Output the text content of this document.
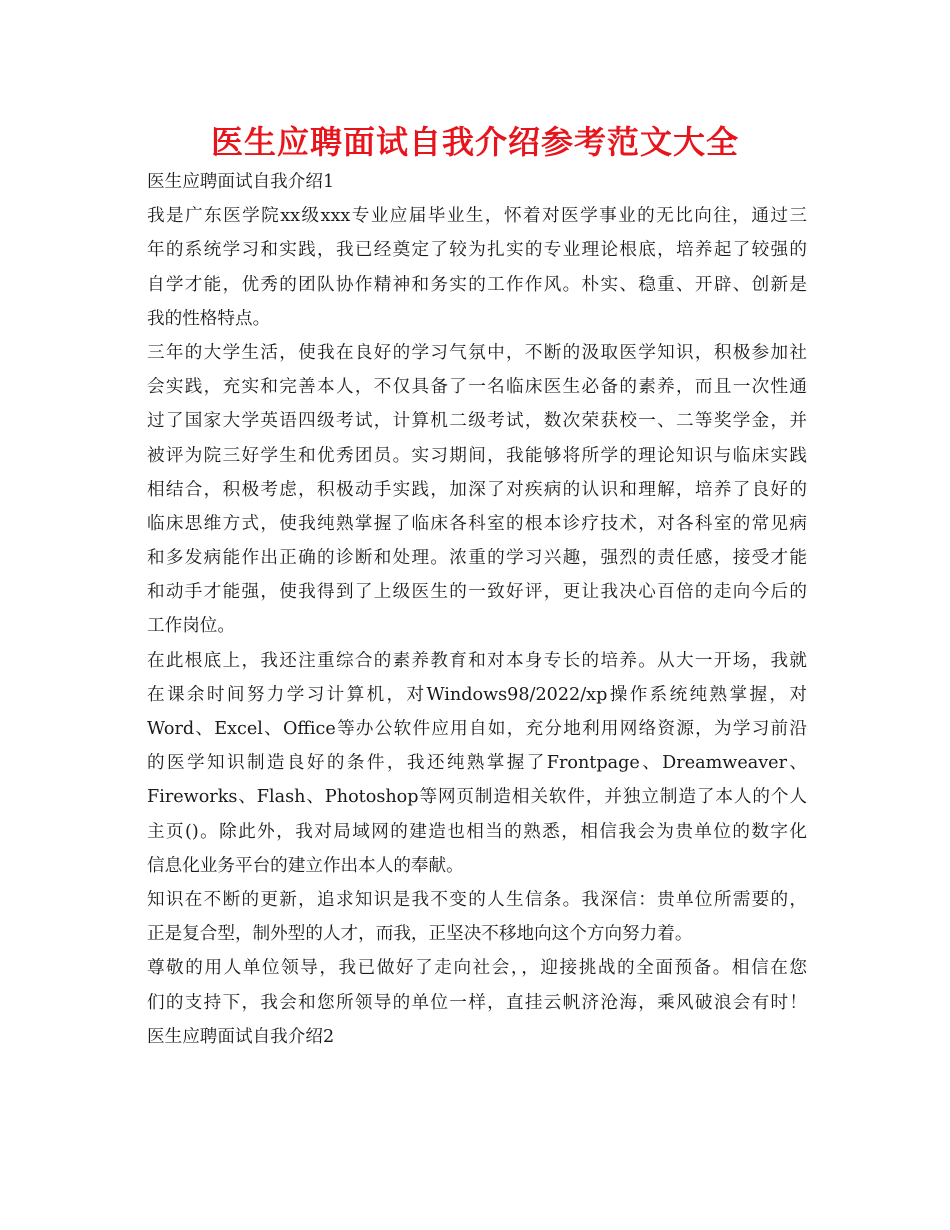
医生应聘面试自我介绍参考范文大全
医生应聘面试自我介绍1
我是广东医学院xx级xxx专业应届毕业生，怀着对医学事业的无比向往，通过三
年的系统学习和实践，我已经奠定了较为扎实的专业理论根底，培养起了较强的
自学才能，优秀的团队协作精神和务实的工作作风。朴实、稳重、开辟、创新是
我的性格特点。
三年的大学生活，使我在良好的学习气氛中，不断的汲取医学知识，积极参加社
会实践，充实和完善本人，不仅具备了一名临床医生必备的素养，而且一次性通
过了国家大学英语四级考试，计算机二级考试，数次荣获校一、二等奖学金，并
被评为院三好学生和优秀团员。实习期间，我能够将所学的理论知识与临床实践
相结合，积极考虑，积极动手实践，加深了对疾病的认识和理解，培养了良好的
临床思维方式，使我纯熟掌握了临床各科室的根本诊疗技术，对各科室的常见病
和多发病能作出正确的诊断和处理。浓重的学习兴趣，强烈的责任感，接受才能
和动手才能强，使我得到了上级医生的一致好评，更让我决心百倍的走向今后的
工作岗位。
在此根底上，我还注重综合的素养教育和对本身专长的培养。从大一开场，我就
在课余时间努力学习计算机，对Windows98/2022/xp操作系统纯熟掌握，对
Word、Excel、Office等办公软件应用自如，充分地利用网络资源，为学习前沿
的医学知识制造良好的条件，我还纯熟掌握了Frontpage、Dreamweaver、
Fireworks、Flash、Photoshop等网页制造相关软件，并独立制造了本人的个人
主页()。除此外，我对局域网的建造也相当的熟悉，相信我会为贵单位的数字化
信息化业务平台的建立作出本人的奉献。
知识在不断的更新，追求知识是我不变的人生信条。我深信：贵单位所需要的，
正是复合型，制外型的人才，而我，正坚决不移地向这个方向努力着。
尊敬的用人单位领导，我已做好了走向社会，，迎接挑战的全面预备。相信在您
们的支持下，我会和您所领导的单位一样，直挂云帆济沧海，乘风破浪会有时！
医生应聘面试自我介绍2
